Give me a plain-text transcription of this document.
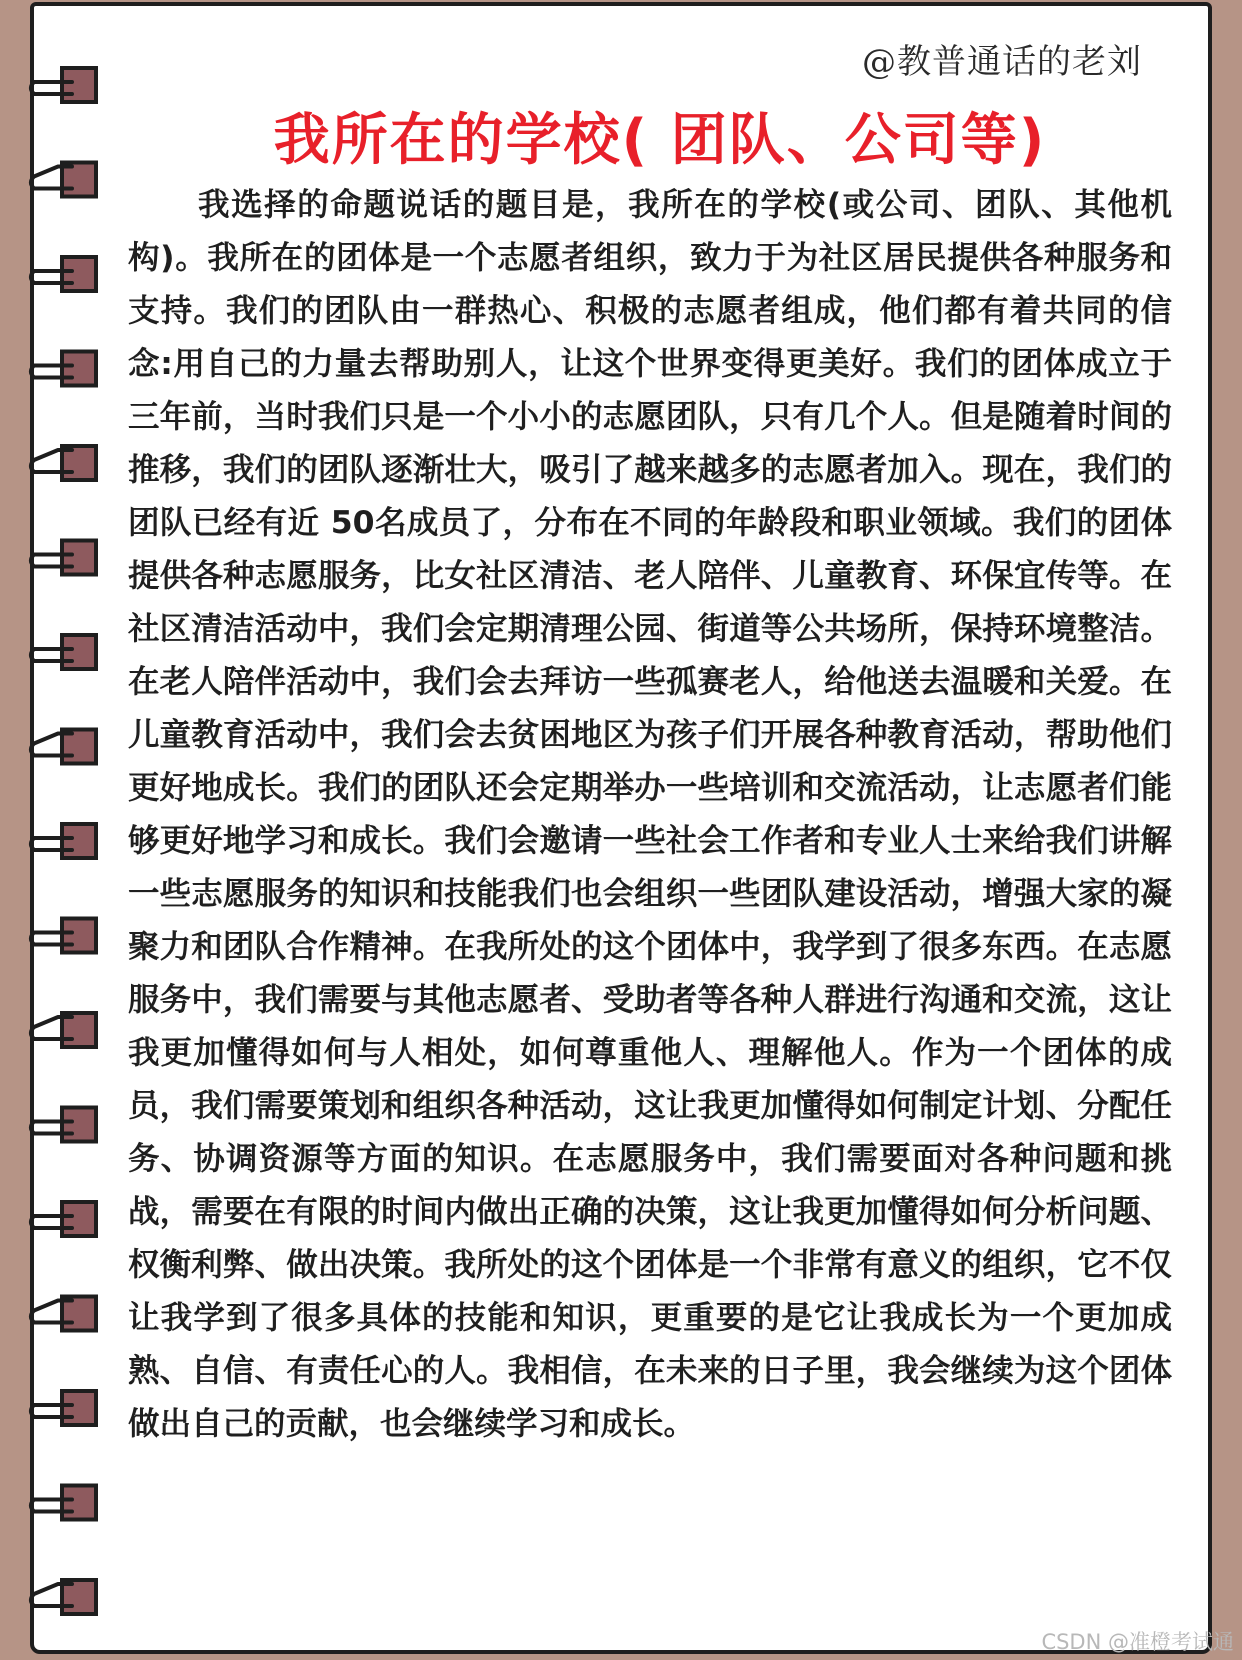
@教普通话的老刘
我所在的学校( 团队、公司等)

我选择的命题说话的题目是，我所在的学校(或公司、团队、其他机构)。我所在的团体是一个志愿者组织，致力于为社区居民提供各种服务和支持。我们的团队由一群热心、积极的志愿者组成，他们都有着共同的信念:用自己的力量去帮助别人，让这个世界变得更美好。我们的团体成立于三年前，当时我们只是一个小小的志愿团队，只有几个人。但是随着时间的推移，我们的团队逐渐壮大，吸引了越来越多的志愿者加入。现在，我们的团队已经有近 50名成员了，分布在不同的年龄段和职业领域。我们的团体提供各种志愿服务，比女社区清洁、老人陪伴、儿童教育、环保宜传等。在社区清洁活动中，我们会定期清理公园、街道等公共场所，保持环境整洁。在老人陪伴活动中，我们会去拜访一些孤赛老人，给他送去温暖和关爱。在儿童教育活动中，我们会去贫困地区为孩子们开展各种教育活动，帮助他们更好地成长。我们的团队还会定期举办一些培训和交流活动，让志愿者们能够更好地学习和成长。我们会邀请一些社会工作者和专业人士来给我们讲解一些志愿服务的知识和技能我们也会组织一些团队建设活动，增强大家的凝聚力和团队合作精神。在我所处的这个团体中，我学到了很多东西。在志愿服务中，我们需要与其他志愿者、受助者等各种人群进行沟通和交流，这让我更加懂得如何与人相处，如何尊重他人、理解他人。作为一个团体的成员，我们需要策划和组织各种活动，这让我更加懂得如何制定计划、分配任务、协调资源等方面的知识。在志愿服务中，我们需要面对各种问题和挑战，需要在有限的时间内做出正确的决策，这让我更加懂得如何分析问题、权衡利弊、做出决策。我所处的这个团体是一个非常有意义的组织，它不仅让我学到了很多具体的技能和知识，更重要的是它让我成长为一个更加成熟、自信、有责任心的人。我相信，在未来的日子里，我会继续为这个团体做出自己的贡献，也会继续学习和成长。

CSDN @准橙考试通
